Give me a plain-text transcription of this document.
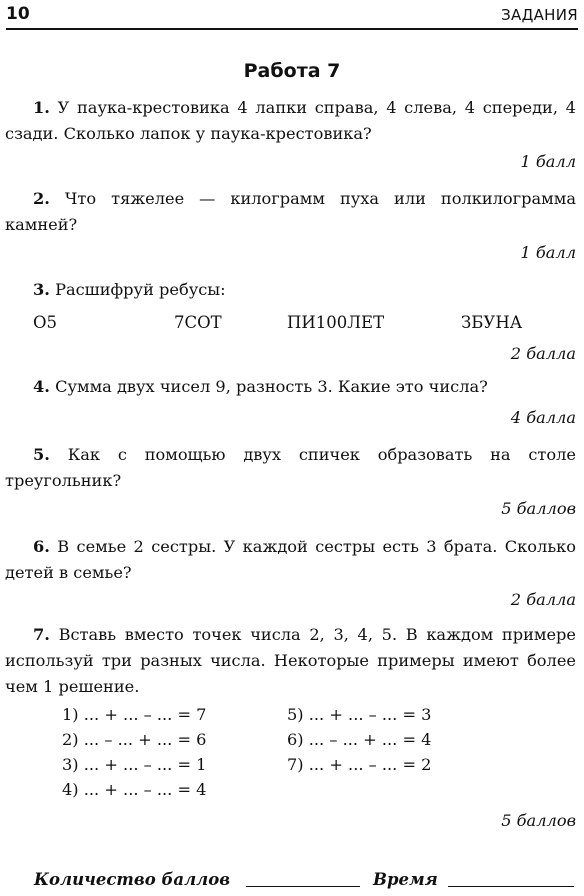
10	ЗАДАНИЯ
Работа 7
1. У паука-крестовика 4 лапки справа, 4 слева, 4 спереди, 4 сзади. Сколько лапок у паука-крестовика?
1 балл
2. Что тяжелее — килограмм пуха или полкилограмма камней?
1 балл
3. Расшифруй ребусы:
О5	7СОТ	ПИ100ЛЕТ	ЗБУНА
2 балла
4. Сумма двух чисел 9, разность 3. Какие это числа?
4 балла
5. Как с помощью двух спичек образовать на столе треугольник?
5 баллов
6. В семье 2 сестры. У каждой сестры есть 3 брата. Сколько детей в семье?
2 балла
7. Вставь вместо точек числа 2, 3, 4, 5. В каждом примере используй три разных числа. Некоторые примеры имеют более чем 1 решение.
1) ... + ... – ... = 7
2) ... – ... + ... = 6
3) ... + ... – ... = 1
4) ... + ... – ... = 4
5) ... + ... – ... = 3
6) ... – ... + ... = 4
7) ... + ... – ... = 2
5 баллов
Количество баллов	Время
